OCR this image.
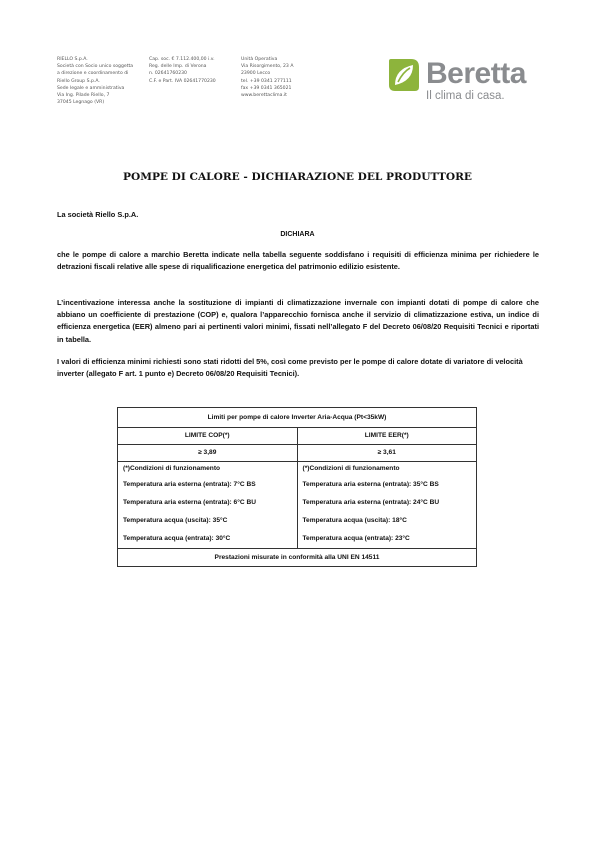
RIELLO S.p.A.
Società con Socio unico soggetta
a direzione e coordinamento di
Riello Group S.p.A.
Sede legale e amministrativa
Via Ing. Pilade Riello, 7
37045 Legnago (VR)
Cap. soc. € 7.112.400,00 i.v.
Reg. delle Imp. di Verona
n. 02641760230
C.F. e Part. IVA 02641770230
Unità Operativa
Via Risorgimento, 23 A
23900 Lecco
tel. +39 0341 277111
fax +39 0341 365021
www.berettaclima.it
Beretta
Il clima di casa.
POMPE DI CALORE - DICHIARAZIONE DEL PRODUTTORE
La società Riello S.p.A.
DICHIARA
che le pompe di calore a marchio Beretta indicate nella tabella seguente soddisfano i requisiti di efficienza minima per richiedere le detrazioni fiscali relative alle spese di riqualificazione energetica del patrimonio edilizio esistente.
L’incentivazione interessa anche la sostituzione di impianti di climatizzazione invernale con impianti dotati di pompe di calore che abbiano un coefficiente di prestazione (COP) e, qualora l’apparecchio fornisca anche il servizio di climatizzazione estiva, un indice di efficienza energetica (EER) almeno pari ai pertinenti valori minimi, fissati nell’allegato F del Decreto 06/08/20 Requisiti Tecnici e riportati in tabella.
I valori di efficienza minimi richiesti sono stati ridotti del 5%, così come previsto per le pompe di calore dotate di variatore di velocità inverter (allegato F art. 1 punto e) Decreto 06/08/20 Requisiti Tecnici).
Limiti per pompe di calore Inverter Aria-Acqua (Pt<35kW)
LIMITE COP(*)	LIMITE EER(*)
≥ 3,89	≥ 3,61
(*)Condizioni di funzionamento	(*)Condizioni di funzionamento
Temperatura aria esterna (entrata): 7°C BS	Temperatura aria esterna (entrata): 35°C BS
Temperatura aria esterna (entrata): 6°C BU	Temperatura aria esterna (entrata): 24°C BU
Temperatura acqua (uscita): 35°C	Temperatura acqua (uscita): 18°C
Temperatura acqua (entrata): 30°C	Temperatura acqua (entrata): 23°C
Prestazioni misurate in conformità alla UNI EN 14511
